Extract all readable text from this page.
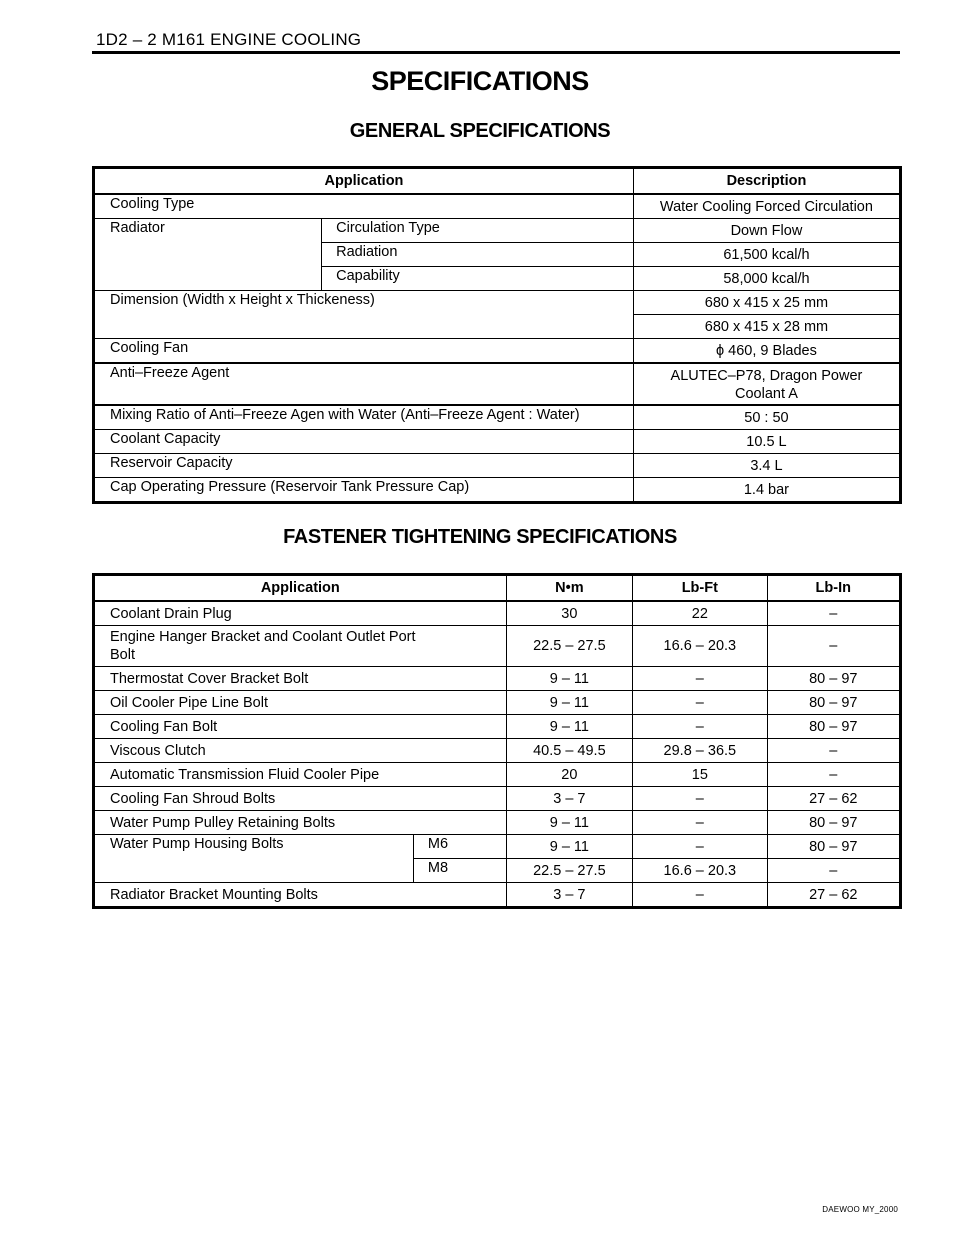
1D2 – 2 M161 ENGINE COOLING
SPECIFICATIONS
GENERAL SPECIFICATIONS
Application		Description
Cooling Type		Water Cooling Forced Circulation
Radiator	Circulation Type	Down Flow
	Radiation	61,500 kcal/h
	Capability	58,000 kcal/h
Dimension (Width x Height x Thickeness)		680 x 415 x 25 mm
		680 x 415 x 28 mm
Cooling Fan		ϕ 460, 9 Blades
Anti–Freeze Agent		ALUTEC–P78, Dragon Power Coolant A
Mixing Ratio of Anti–Freeze Agen with Water (Anti–Freeze Agent : Water)		50 : 50
Coolant Capacity		10.5 L
Reservoir Capacity		3.4 L
Cap Operating Pressure (Reservoir Tank Pressure Cap)		1.4 bar
FASTENER TIGHTENING SPECIFICATIONS
Application		N•m	Lb-Ft	Lb-In
Coolant Drain Plug		30	22	–
Engine Hanger Bracket and Coolant Outlet Port Bolt		22.5 – 27.5	16.6 – 20.3	–
Thermostat Cover Bracket Bolt		9 – 11	–	80 – 97
Oil Cooler Pipe Line Bolt		9 – 11	–	80 – 97
Cooling Fan Bolt		9 – 11	–	80 – 97
Viscous Clutch		40.5 – 49.5	29.8 – 36.5	–
Automatic Transmission Fluid Cooler Pipe		20	15	–
Cooling Fan Shroud Bolts		3 – 7	–	27 – 62
Water Pump Pulley Retaining Bolts		9 – 11	–	80 – 97
Water Pump Housing Bolts	M6	9 – 11	–	80 – 97
	M8	22.5 – 27.5	16.6 – 20.3	–
Radiator Bracket Mounting Bolts		3 – 7	–	27 – 62
DAEWOO MY_2000
